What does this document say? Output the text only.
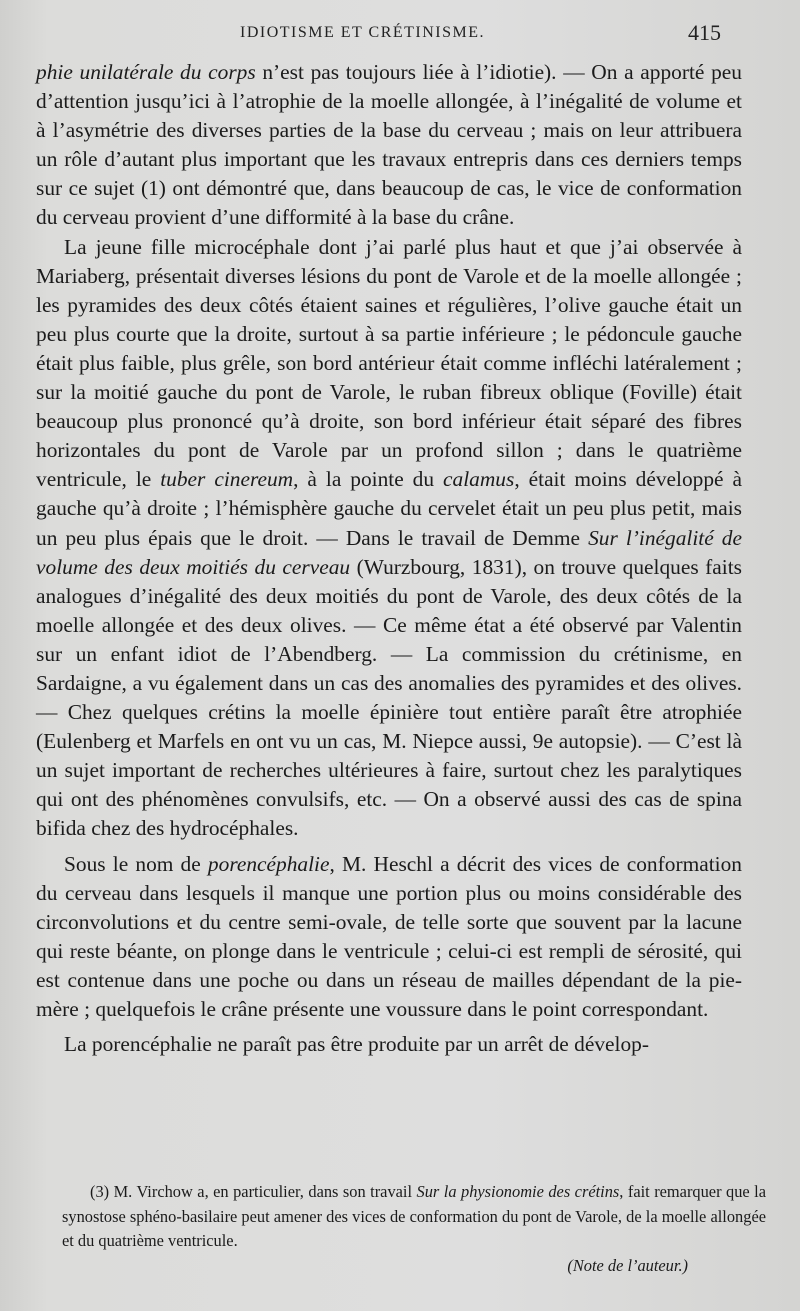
IDIOTISME ET CRÉTINISME.	415

phie unilatérale du corps n’est pas toujours liée à l’idiotie). — On a apporté peu d’attention jusqu’ici à l’atrophie de la moelle allongée, à l’inégalité de volume et à l’asymétrie des diverses parties de la base du cerveau ; mais on leur attribuera un rôle d’autant plus important que les travaux entrepris dans ces derniers temps sur ce sujet (1) ont démontré que, dans beaucoup de cas, le vice de conformation du cerveau provient d’une difformité à la base du crâne.

La jeune fille microcéphale dont j’ai parlé plus haut et que j’ai observée à Mariaberg, présentait diverses lésions du pont de Varole et de la moelle allongée ; les pyramides des deux côtés étaient saines et régulières, l’olive gauche était un peu plus courte que la droite, surtout à sa partie inférieure ; le pédoncule gauche était plus faible, plus grêle, son bord antérieur était comme infléchi latéralement ; sur la moitié gauche du pont de Varole, le ruban fibreux oblique (Foville) était beaucoup plus prononcé qu’à droite, son bord inférieur était séparé des fibres horizontales du pont de Varole par un profond sillon ; dans le quatrième ventricule, le tuber cinereum, à la pointe du calamus, était moins développé à gauche qu’à droite ; l’hémisphère gauche du cervelet était un peu plus petit, mais un peu plus épais que le droit. — Dans le travail de Demme Sur l’inégalité de volume des deux moitiés du cerveau (Wurzbourg, 1831), on trouve quelques faits analogues d’inégalité des deux moitiés du pont de Varole, des deux côtés de la moelle allongée et des deux olives. — Ce même état a été observé par Valentin sur un enfant idiot de l’Abendberg. — La commission du crétinisme, en Sardaigne, a vu également dans un cas des anomalies des pyramides et des olives. — Chez quelques crétins la moelle épinière tout entière paraît être atrophiée (Eulenberg et Marfels en ont vu un cas, M. Niepce aussi, 9e autopsie). — C’est là un sujet important de recherches ultérieures à faire, surtout chez les paralytiques qui ont des phénomènes convulsifs, etc. — On a observé aussi des cas de spina bifida chez des hydrocéphales.

Sous le nom de porencéphalie, M. Heschl a décrit des vices de conformation du cerveau dans lesquels il manque une portion plus ou moins considérable des circonvolutions et du centre semi-ovale, de telle sorte que souvent par la lacune qui reste béante, on plonge dans le ventricule ; celui-ci est rempli de sérosité, qui est contenue dans une poche ou dans un réseau de mailles dépendant de la pie-mère ; quelquefois le crâne présente une voussure dans le point correspondant.

La porencéphalie ne paraît pas être produite par un arrêt de dévelop-

(3) M. Virchow a, en particulier, dans son travail Sur la physionomie des crétins, fait remarquer que la synostose sphéno-basilaire peut amener des vices de conformation du pont de Varole, de la moelle allongée et du quatrième ventricule.

(Note de l’auteur.)
